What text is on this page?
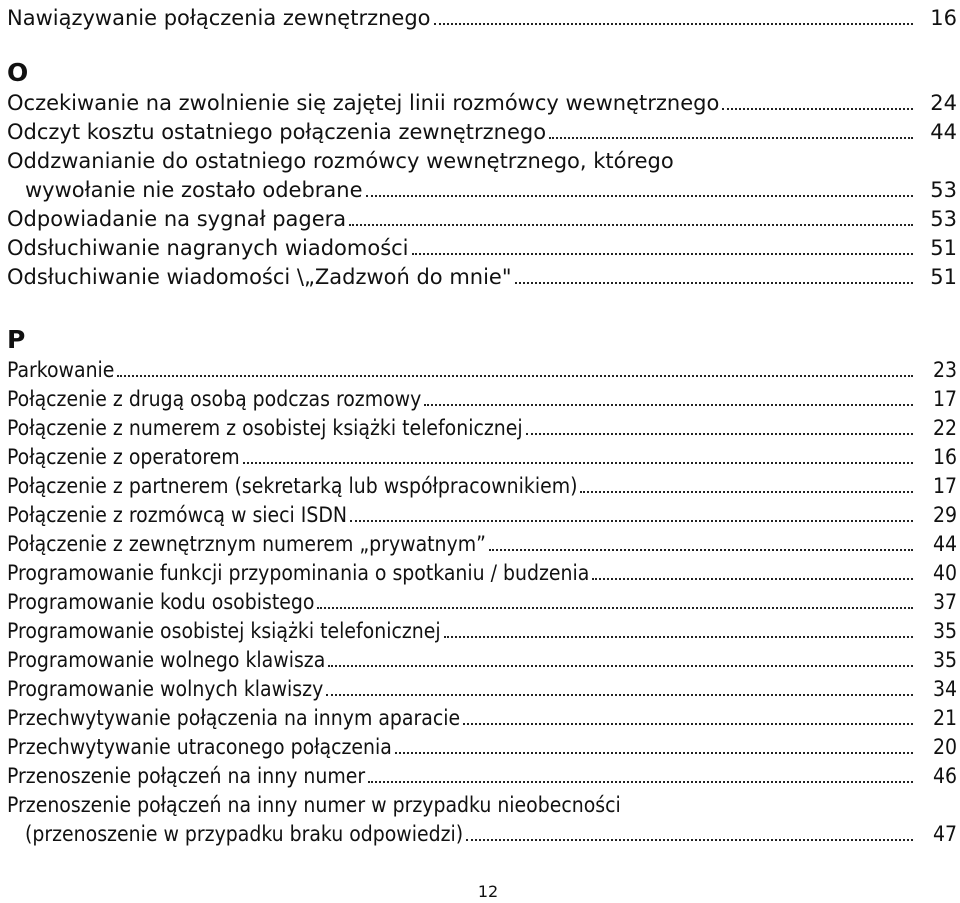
Nawiązywanie połączenia zewnętrznego	16
O
Oczekiwanie na zwolnienie się zajętej linii rozmówcy wewnętrznego	24
Odczyt kosztu ostatniego połączenia zewnętrznego	44
Oddzwanianie do ostatniego rozmówcy wewnętrznego, którego
wywołanie nie zostało odebrane	53
Odpowiadanie na sygnał pagera	53
Odsłuchiwanie nagranych wiadomości	51
Odsłuchiwanie wiadomości \„Zadzwoń do mnie"	51
P
Parkowanie	23
Połączenie z drugą osobą podczas rozmowy	17
Połączenie z numerem z osobistej książki telefonicznej	22
Połączenie z operatorem	16
Połączenie z partnerem (sekretarką lub współpracownikiem)	17
Połączenie z rozmówcą w sieci ISDN	29
Połączenie z zewnętrznym numerem „prywatnym”	44
Programowanie funkcji przypominania o spotkaniu / budzenia	40
Programowanie kodu osobistego	37
Programowanie osobistej książki telefonicznej	35
Programowanie wolnego klawisza	35
Programowanie wolnych klawiszy	34
Przechwytywanie połączenia na innym aparacie	21
Przechwytywanie utraconego połączenia	20
Przenoszenie połączeń na inny numer	46
Przenoszenie połączeń na inny numer w przypadku nieobecności
(przenoszenie w przypadku braku odpowiedzi)	47
12
